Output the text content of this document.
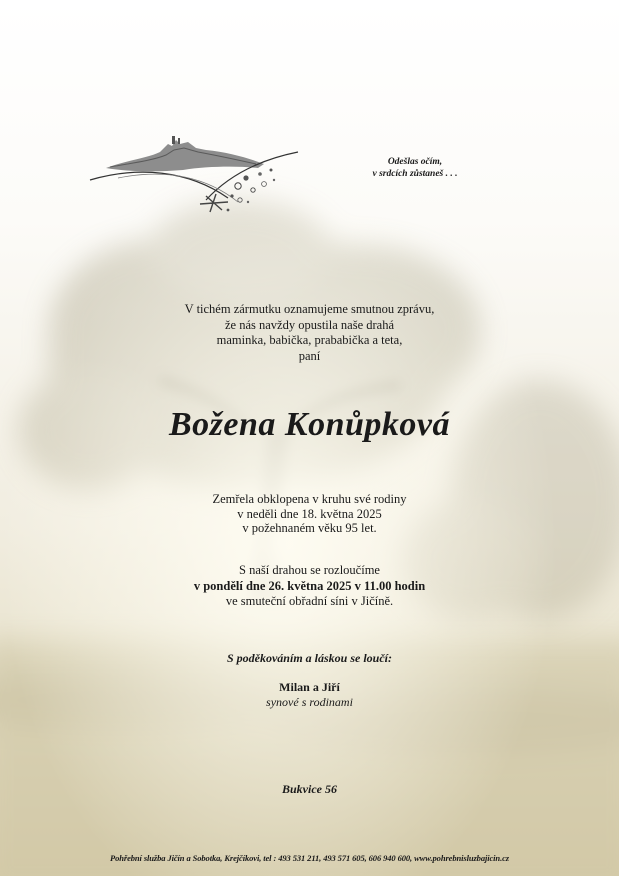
Odešlas očím,
v srdcích zůstaneš . . .
V tichém zármutku oznamujeme smutnou zprávu,
že nás navždy opustila naše drahá
maminka, babička, prababička a teta,
paní
Božena Konůpková
Zemřela obklopena v kruhu své rodiny
v neděli dne 18. května 2025
v požehnaném věku 95 let.
S naší drahou se rozloučíme
v pondělí dne 26. května 2025 v 11.00 hodin
ve smuteční obřadní síni v Jičíně.
S poděkováním a láskou se loučí:
Milan a Jiří
synové s rodinami
Bukvice 56
Pohřební služba Jičín a Sobotka, Krejčíkovi, tel : 493 531 211, 493 571 605, 606 940 600, www.pohrebnisluzbajicin.cz
